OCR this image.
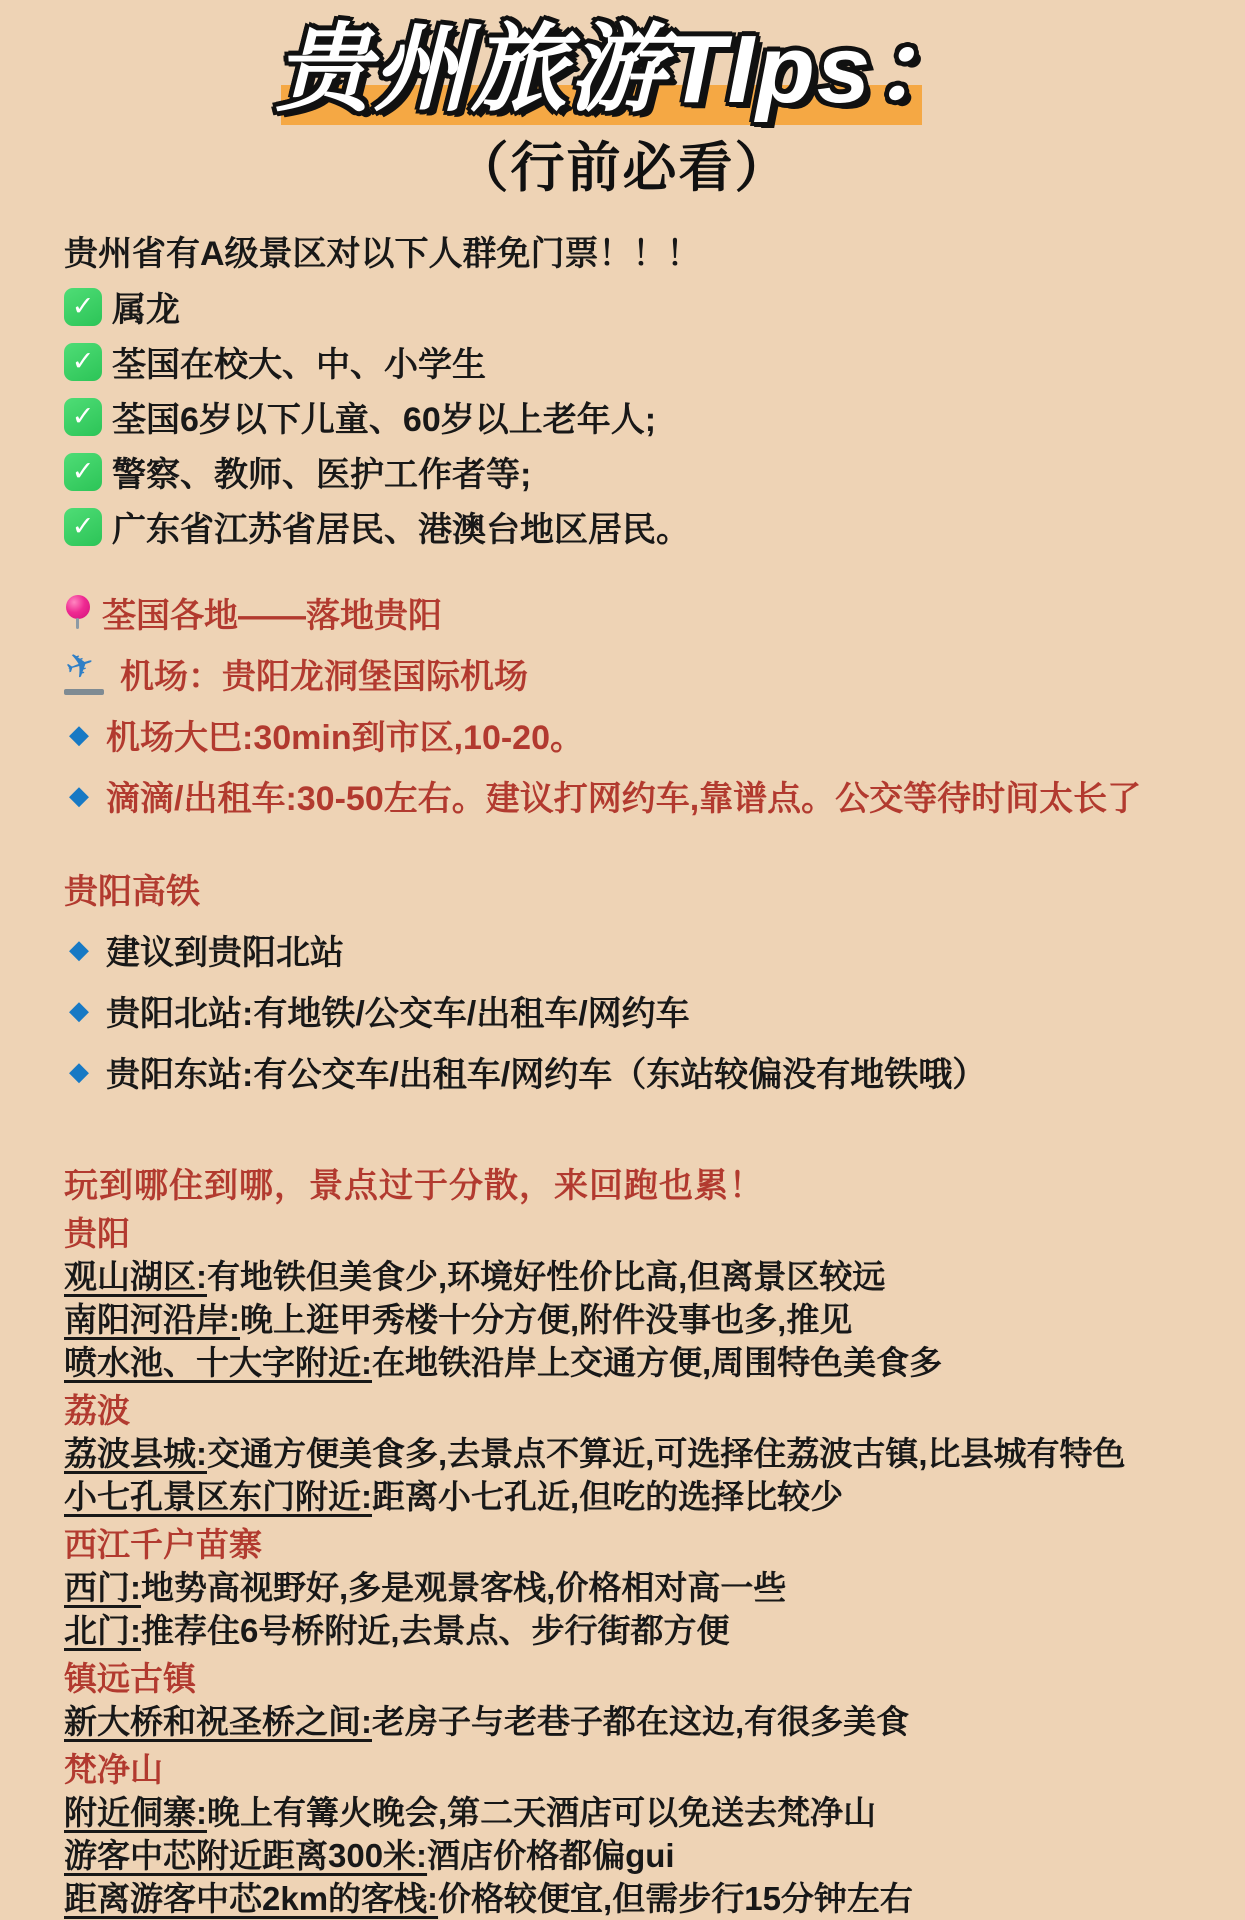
贵州旅游TIps：
（行前必看）
贵州省有A级景区对以下人群免门票！！！
✓ 属龙
✓ 荃国在校大、中、小学生
✓ 荃国6岁以下儿童、60岁以上老年人;
✓ 警察、教师、医护工作者等;
✓ 广东省江苏省居民、港澳台地区居民。
荃国各地——落地贵阳
✈ 机场：贵阳龙洞堡国际机场
◆ 机场大巴:30min到市区,10-20。
◆ 滴滴/出租车:30-50左右。建议打网约车,靠谱点。公交等待时间太长了
贵阳高铁
◆ 建议到贵阳北站
◆ 贵阳北站:有地铁/公交车/出租车/网约车
◆ 贵阳东站:有公交车/出租车/网约车（东站较偏没有地铁哦）
玩到哪住到哪，景点过于分散，来回跑也累！
贵阳
观山湖区:有地铁但美食少,环境好性价比高,但离景区较远
南阳河沿岸:晚上逛甲秀楼十分方便,附件没事也多,推见
喷水池、十大字附近:在地铁沿岸上交通方便,周围特色美食多
荔波
荔波县城:交通方便美食多,去景点不算近,可选择住荔波古镇,比县城有特色
小七孔景区东门附近:距离小七孔近,但吃的选择比较少
西江千户苗寨
西门:地势高视野好,多是观景客栈,价格相对高一些
北门:推荐住6号桥附近,去景点、步行街都方便
镇远古镇
新大桥和祝圣桥之间:老房子与老巷子都在这边,有很多美食
梵净山
附近侗寨:晚上有篝火晚会,第二天酒店可以免送去梵净山
游客中芯附近距离300米:酒店价格都偏gui
距离游客中芯2km的客栈:价格较便宜,但需步行15分钟左右
